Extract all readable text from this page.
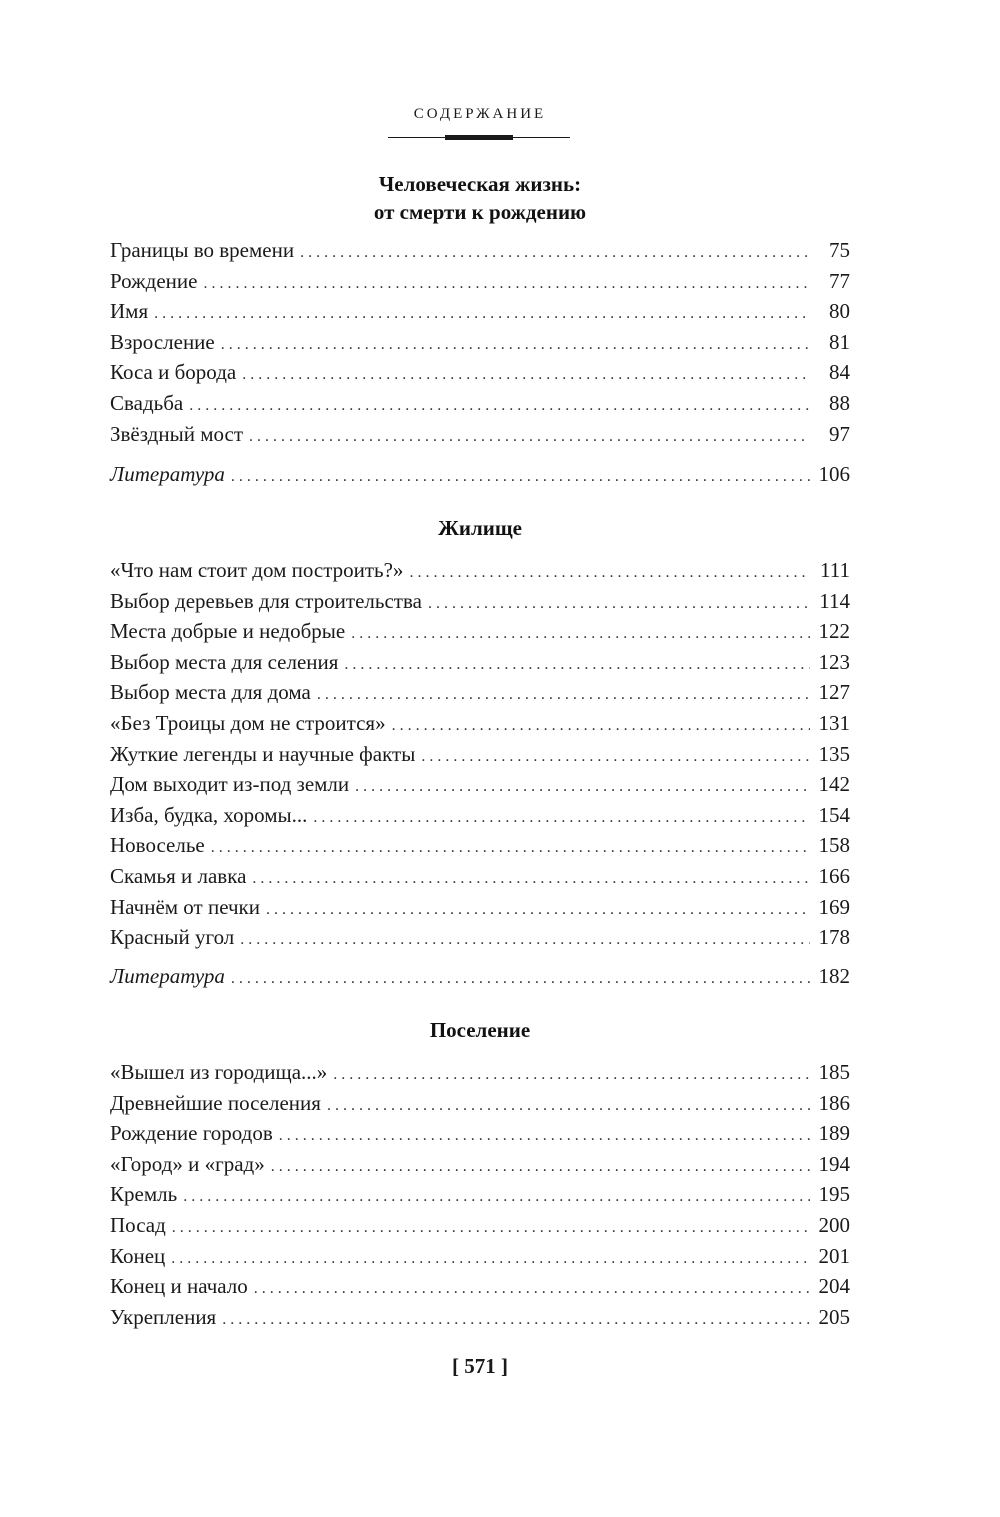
СОДЕРЖАНИЕ
Человеческая жизнь:
от смерти к рождению
Границы во времени . . .	75
Рождение . . .	77
Имя . . .	80
Взросление . . .	81
Коса и борода . . .	84
Свадьба . . .	88
Звёздный мост . . .	97
Литература . . .	106
Жилище
«Что нам стоит дом построить?» . . .	111
Выбор деревьев для строительства . . .	114
Места добрые и недобрые . . .	122
Выбор места для селения . . .	123
Выбор места для дома . . .	127
«Без Троицы дом не строится» . . .	131
Жуткие легенды и научные факты . . .	135
Дом выходит из-под земли . . .	142
Изба, будка, хоромы... . . .	154
Новоселье . . .	158
Скамья и лавка . . .	166
Начнём от печки . . .	169
Красный угол . . .	178
Литература . . .	182
Поселение
«Вышел из городища...» . . .	185
Древнейшие поселения . . .	186
Рождение городов . . .	189
«Город» и «град» . . .	194
Кремль . . .	195
Посад . . .	200
Конец . . .	201
Конец и начало . . .	204
Укрепления . . .	205
[ 571 ]
